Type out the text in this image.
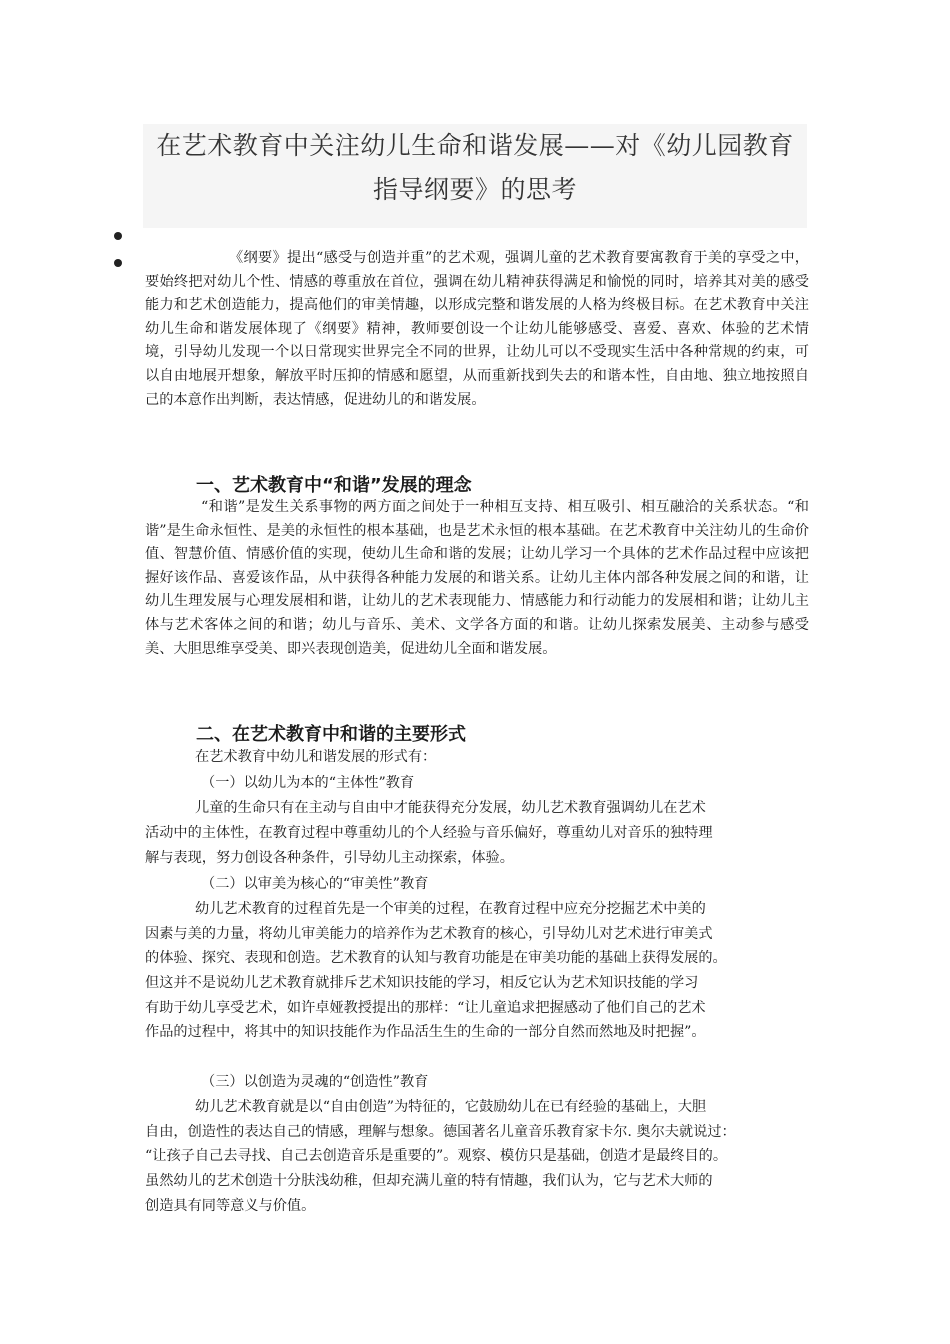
在艺术教育中关注幼儿生命和谐发展——对《幼儿园教育
指导纲要》的思考

《纲要》提出“感受与创造并重”的艺术观，强调儿童的艺术教育要寓教育于美的享受之中，要始终把对幼儿个性、情感的尊重放在首位，强调在幼儿精神获得满足和愉悦的同时，培养其对美的感受能力和艺术创造能力，提高他们的审美情趣，以形成完整和谐发展的人格为终极目标。在艺术教育中关注幼儿生命和谐发展体现了《纲要》精神，教师要创设一个让幼儿能够感受、喜爱、喜欢、体验的艺术情境，引导幼儿发现一个以日常现实世界完全不同的世界，让幼儿可以不受现实生活中各种常规的约束，可以自由地展开想象，解放平时压抑的情感和愿望，从而重新找到失去的和谐本性，自由地、独立地按照自己的本意作出判断，表达情感，促进幼儿的和谐发展。

一、艺术教育中“和谐”发展的理念

“和谐”是发生关系事物的两方面之间处于一种相互支持、相互吸引、相互融洽的关系状态。“和谐”是生命永恒性、是美的永恒性的根本基础，也是艺术永恒的根本基础。在艺术教育中关注幼儿的生命价值、智慧价值、情感价值的实现，使幼儿生命和谐的发展；让幼儿学习一个具体的艺术作品过程中应该把握好该作品、喜爱该作品，从中获得各种能力发展的和谐关系。让幼儿主体内部各种发展之间的和谐，让幼儿生理发展与心理发展相和谐，让幼儿的艺术表现能力、情感能力和行动能力的发展相和谐；让幼儿主体与艺术客体之间的和谐；幼儿与音乐、美术、文学各方面的和谐。让幼儿探索发展美、主动参与感受美、大胆思维享受美、即兴表现创造美，促进幼儿全面和谐发展。

二、在艺术教育中和谐的主要形式

在艺术教育中幼儿和谐发展的形式有：

（一）以幼儿为本的“主体性”教育

儿童的生命只有在主动与自由中才能获得充分发展，幼儿艺术教育强调幼儿在艺术

活动中的主体性，在教育过程中尊重幼儿的个人经验与音乐偏好，尊重幼儿对音乐的独特理

解与表现，努力创设各种条件，引导幼儿主动探索，体验。

（二）以审美为核心的“审美性”教育

幼儿艺术教育的过程首先是一个审美的过程，在教育过程中应充分挖掘艺术中美的

因素与美的力量，将幼儿审美能力的培养作为艺术教育的核心，引导幼儿对艺术进行审美式

的体验、探究、表现和创造。艺术教育的认知与教育功能是在审美功能的基础上获得发展的。

但这并不是说幼儿艺术教育就排斥艺术知识技能的学习，相反它认为艺术知识技能的学习

有助于幼儿享受艺术，如许卓娅教授提出的那样：“让儿童追求把握感动了他们自己的艺术

作品的过程中，将其中的知识技能作为作品活生生的生命的一部分自然而然地及时把握”。

（三）以创造为灵魂的“创造性”教育

幼儿艺术教育就是以“自由创造”为特征的，它鼓励幼儿在已有经验的基础上，大胆

自由，创造性的表达自己的情感，理解与想象。德国著名儿童音乐教育家卡尔. 奥尔夫就说过：

“让孩子自己去寻找、自己去创造音乐是重要的”。观察、模仿只是基础，创造才是最终目的。

虽然幼儿的艺术创造十分肤浅幼稚，但却充满儿童的特有情趣，我们认为，它与艺术大师的

创造具有同等意义与价值。
